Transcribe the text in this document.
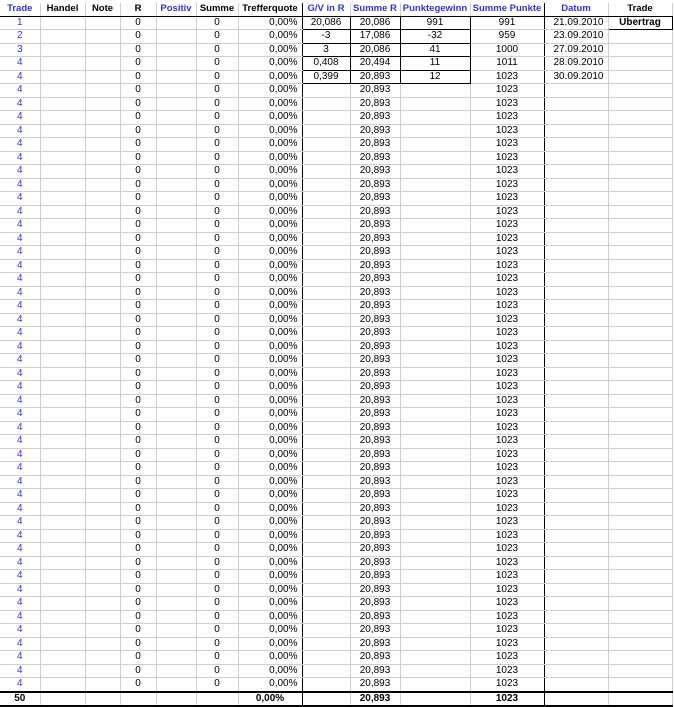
Trade	Handel	Note	R	Positiv	Summe	Trefferquote	G/V in R	Summe R	Punktegewinn	Summe Punkte	Datum	Trade
1			0		0	0,00%	20,086	20,086	991	991	21.09.2010	Übertrag
2			0		0	0,00%	-3	17,086	-32	959	23.09.2010	
3			0		0	0,00%	3	20,086	41	1000	27.09.2010	
4			0		0	0,00%	0,408	20,494	11	1011	28.09.2010	
4			0		0	0,00%	0,399	20,893	12	1023	30.09.2010	
4			0		0	0,00%		20,893		1023		
4			0		0	0,00%		20,893		1023		
4			0		0	0,00%		20,893		1023		
4			0		0	0,00%		20,893		1023		
4			0		0	0,00%		20,893		1023		
4			0		0	0,00%		20,893		1023		
4			0		0	0,00%		20,893		1023		
4			0		0	0,00%		20,893		1023		
4			0		0	0,00%		20,893		1023		
4			0		0	0,00%		20,893		1023		
4			0		0	0,00%		20,893		1023		
4			0		0	0,00%		20,893		1023		
4			0		0	0,00%		20,893		1023		
4			0		0	0,00%		20,893		1023		
4			0		0	0,00%		20,893		1023		
4			0		0	0,00%		20,893		1023		
4			0		0	0,00%		20,893		1023		
4			0		0	0,00%		20,893		1023		
4			0		0	0,00%		20,893		1023		
4			0		0	0,00%		20,893		1023		
4			0		0	0,00%		20,893		1023		
4			0		0	0,00%		20,893		1023		
4			0		0	0,00%		20,893		1023		
4			0		0	0,00%		20,893		1023		
4			0		0	0,00%		20,893		1023		
4			0		0	0,00%		20,893		1023		
4			0		0	0,00%		20,893		1023		
4			0		0	0,00%		20,893		1023		
4			0		0	0,00%		20,893		1023		
4			0		0	0,00%		20,893		1023		
4			0		0	0,00%		20,893		1023		
4			0		0	0,00%		20,893		1023		
4			0		0	0,00%		20,893		1023		
4			0		0	0,00%		20,893		1023		
4			0		0	0,00%		20,893		1023		
4			0		0	0,00%		20,893		1023		
4			0		0	0,00%		20,893		1023		
4			0		0	0,00%		20,893		1023		
4			0		0	0,00%		20,893		1023		
4			0		0	0,00%		20,893		1023		
4			0		0	0,00%		20,893		1023		
4			0		0	0,00%		20,893		1023		
4			0		0	0,00%		20,893		1023		
4			0		0	0,00%		20,893		1023		
4			0		0	0,00%		20,893		1023		
50						0,00%		20,893		1023		
